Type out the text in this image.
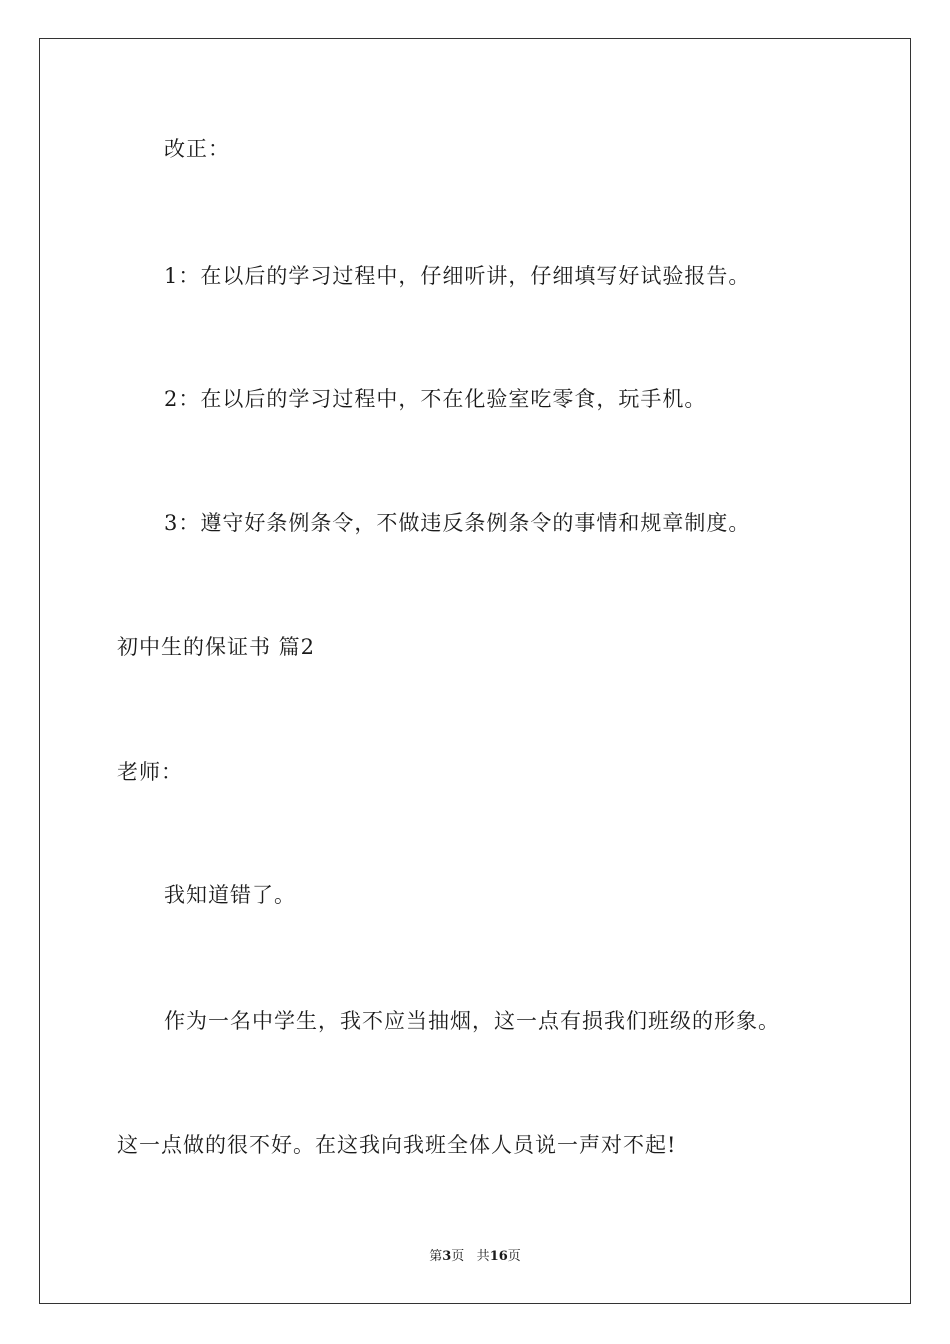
改正：
1：在以后的学习过程中，仔细听讲，仔细填写好试验报告。
2：在以后的学习过程中，不在化验室吃零食，玩手机。
3：遵守好条例条令，不做违反条例条令的事情和规章制度。
初中生的保证书 篇2
老师：
我知道错了。
作为一名中学生，我不应当抽烟，这一点有损我们班级的形象。
这一点做的很不好。在这我向我班全体人员说一声对不起!
第3页 共16页
